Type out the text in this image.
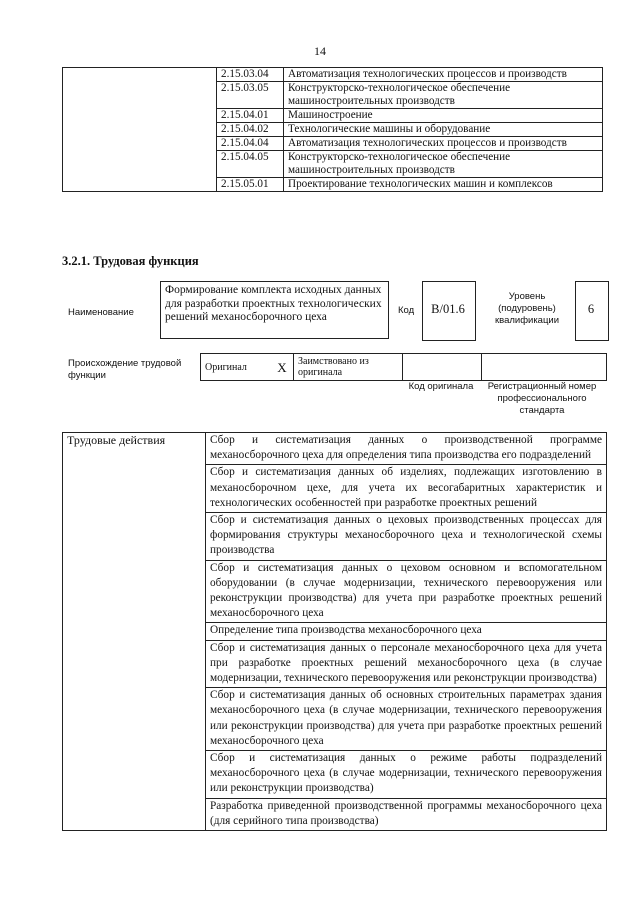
14
	2.15.03.04	Автоматизация технологических процессов и производств
	2.15.03.05	Конструкторско-технологическое обеспечение машиностроительных производств
	2.15.04.01	Машиностроение
	2.15.04.02	Технологические машины и оборудование
	2.15.04.04	Автоматизация технологических процессов и производств
	2.15.04.05	Конструкторско-технологическое обеспечение машиностроительных производств
	2.15.05.01	Проектирование технологических машин и комплексов
3.2.1. Трудовая функция
Наименование
Формирование комплекта исходных данных для разработки проектных технологических решений механосборочного цеха
Код	B/01.6
Уровень (подуровень) квалификации
6
Происхождение трудовой функции
Оригинал	X	Заимствовано из оригинала		
Код оригинала	Регистрационный номер профессионального стандарта
Трудовые действия	Сбор и систематизация данных о производственной программе механосборочного цеха для определения типа производства его подразделений
Сбор и систематизация данных об изделиях, подлежащих изготовлению в механосборочном цехе, для учета их весогабаритных характеристик и технологических особенностей при разработке проектных решений
Сбор и систематизация данных о цеховых производственных процессах для формирования структуры механосборочного цеха и технологической схемы производства
Сбор и систематизация данных о цеховом основном и вспомогательном оборудовании (в случае модернизации, технического перевооружения или реконструкции производства) для учета при разработке проектных решений механосборочного цеха
Определение типа производства механосборочного цеха
Сбор и систематизация данных о персонале механосборочного цеха для учета при разработке проектных решений механосборочного цеха (в случае модернизации, технического перевооружения или реконструкции производства)
Сбор и систематизация данных об основных строительных параметрах здания механосборочного цеха (в случае модернизации, технического перевооружения или реконструкции производства) для учета при разработке проектных решений механосборочного цеха
Сбор и систематизация данных о режиме работы подразделений механосборочного цеха (в случае модернизации, технического перевооружения или реконструкции производства)
Разработка приведенной производственной программы механосборочного цеха (для серийного типа производства)
